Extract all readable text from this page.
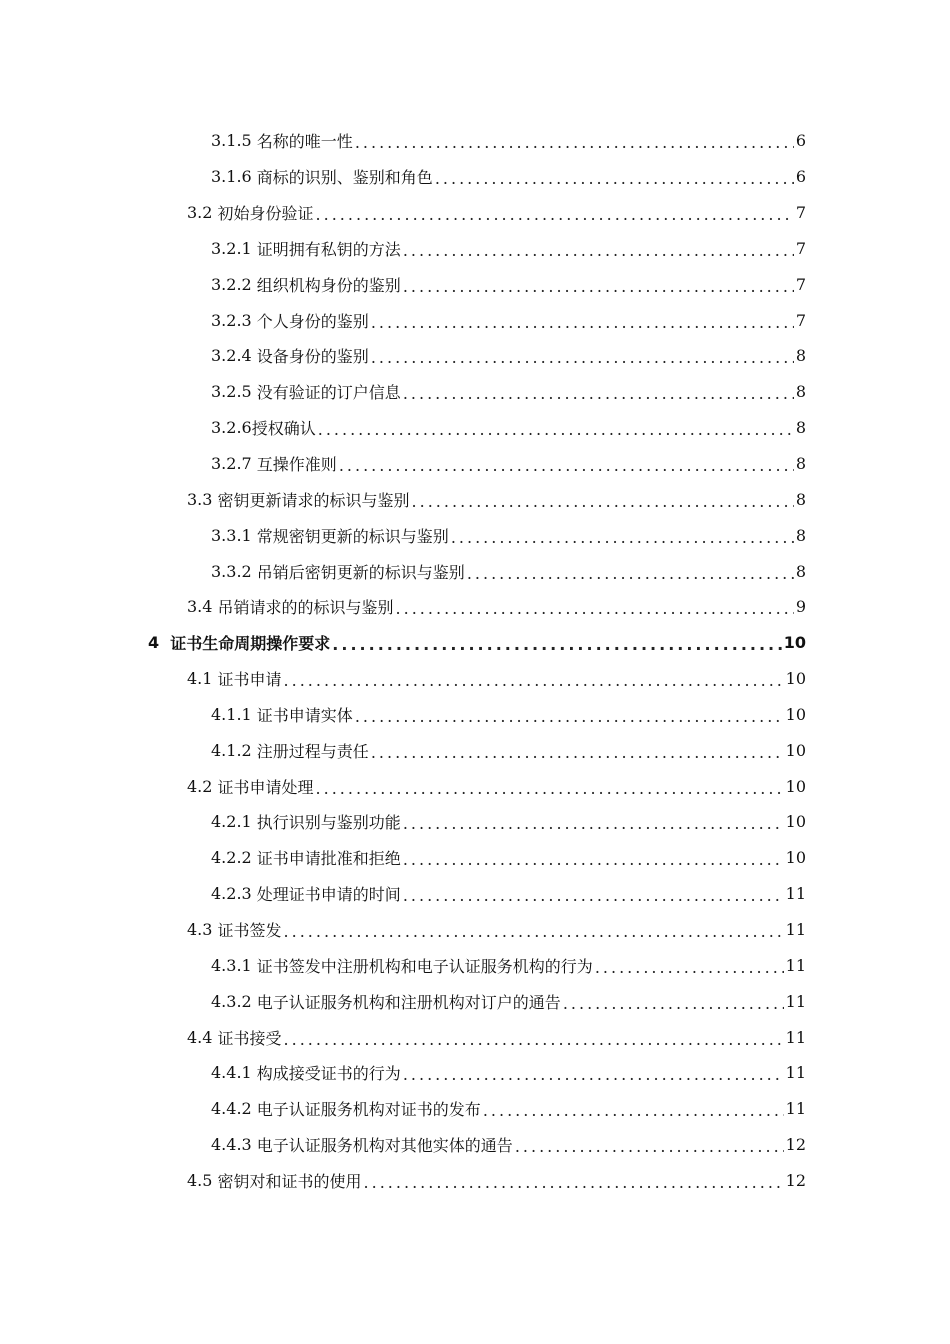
3.1.5 名称的唯一性 .....	6
3.1.6 商标的识别、鉴别和角色 .....	6
3.2 初始身份验证 .....	7
3.2.1 证明拥有私钥的方法 .....	7
3.2.2 组织机构身份的鉴别 .....	7
3.2.3 个人身份的鉴别 .....	7
3.2.4 设备身份的鉴别 .....	8
3.2.5 没有验证的订户信息 .....	8
3.2.6 授权确认 .....	8
3.2.7 互操作准则 .....	8
3.3 密钥更新请求的标识与鉴别 .....	8
3.3.1 常规密钥更新的标识与鉴别 .....	8
3.3.2 吊销后密钥更新的标识与鉴别 .....	8
3.4 吊销请求的的标识与鉴别 .....	9
4 证书生命周期操作要求 .....	10
4.1 证书申请 .....	10
4.1.1 证书申请实体 .....	10
4.1.2 注册过程与责任 .....	10
4.2 证书申请处理 .....	10
4.2.1 执行识别与鉴别功能 .....	10
4.2.2 证书申请批准和拒绝 .....	10
4.2.3 处理证书申请的时间 .....	11
4.3 证书签发 .....	11
4.3.1 证书签发中注册机构和电子认证服务机构的行为 .....	11
4.3.2 电子认证服务机构和注册机构对订户的通告 .....	11
4.4 证书接受 .....	11
4.4.1 构成接受证书的行为 .....	11
4.4.2 电子认证服务机构对证书的发布 .....	11
4.4.3 电子认证服务机构对其他实体的通告 .....	12
4.5 密钥对和证书的使用 .....	12
